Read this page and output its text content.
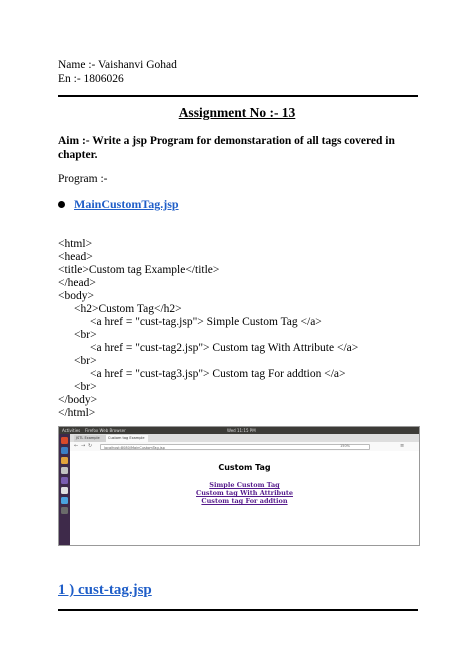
Name :- Vaishanvi Gohad
En :- 1806026
Assignment No :- 13
Aim :- Write a jsp Program for demonstaration of all tags covered in chapter.
Program :-
MainCustomTag.jsp
<html>
<head>
<title>Custom tag Example</title>
</head>
<body>
<h2>Custom Tag</h2>
<a href = "cust-tag.jsp"> Simple Custom Tag </a>
<br>
<a href = "cust-tag2.jsp"> Custom tag With Attribute </a>
<br>
<a href = "cust-tag3.jsp"> Custom tag For addtion </a>
<br>
</body>
</html>
Activities Firefox Web Browser	Wed 11:15 PM
JSTL Example	Custom tag Example
← → ↻	localhost:8080/MainCustomTag.jsp	150%	≡
Custom Tag
Simple Custom Tag
Custom tag With Attribute
Custom tag For addtion
1 ) cust-tag.jsp
